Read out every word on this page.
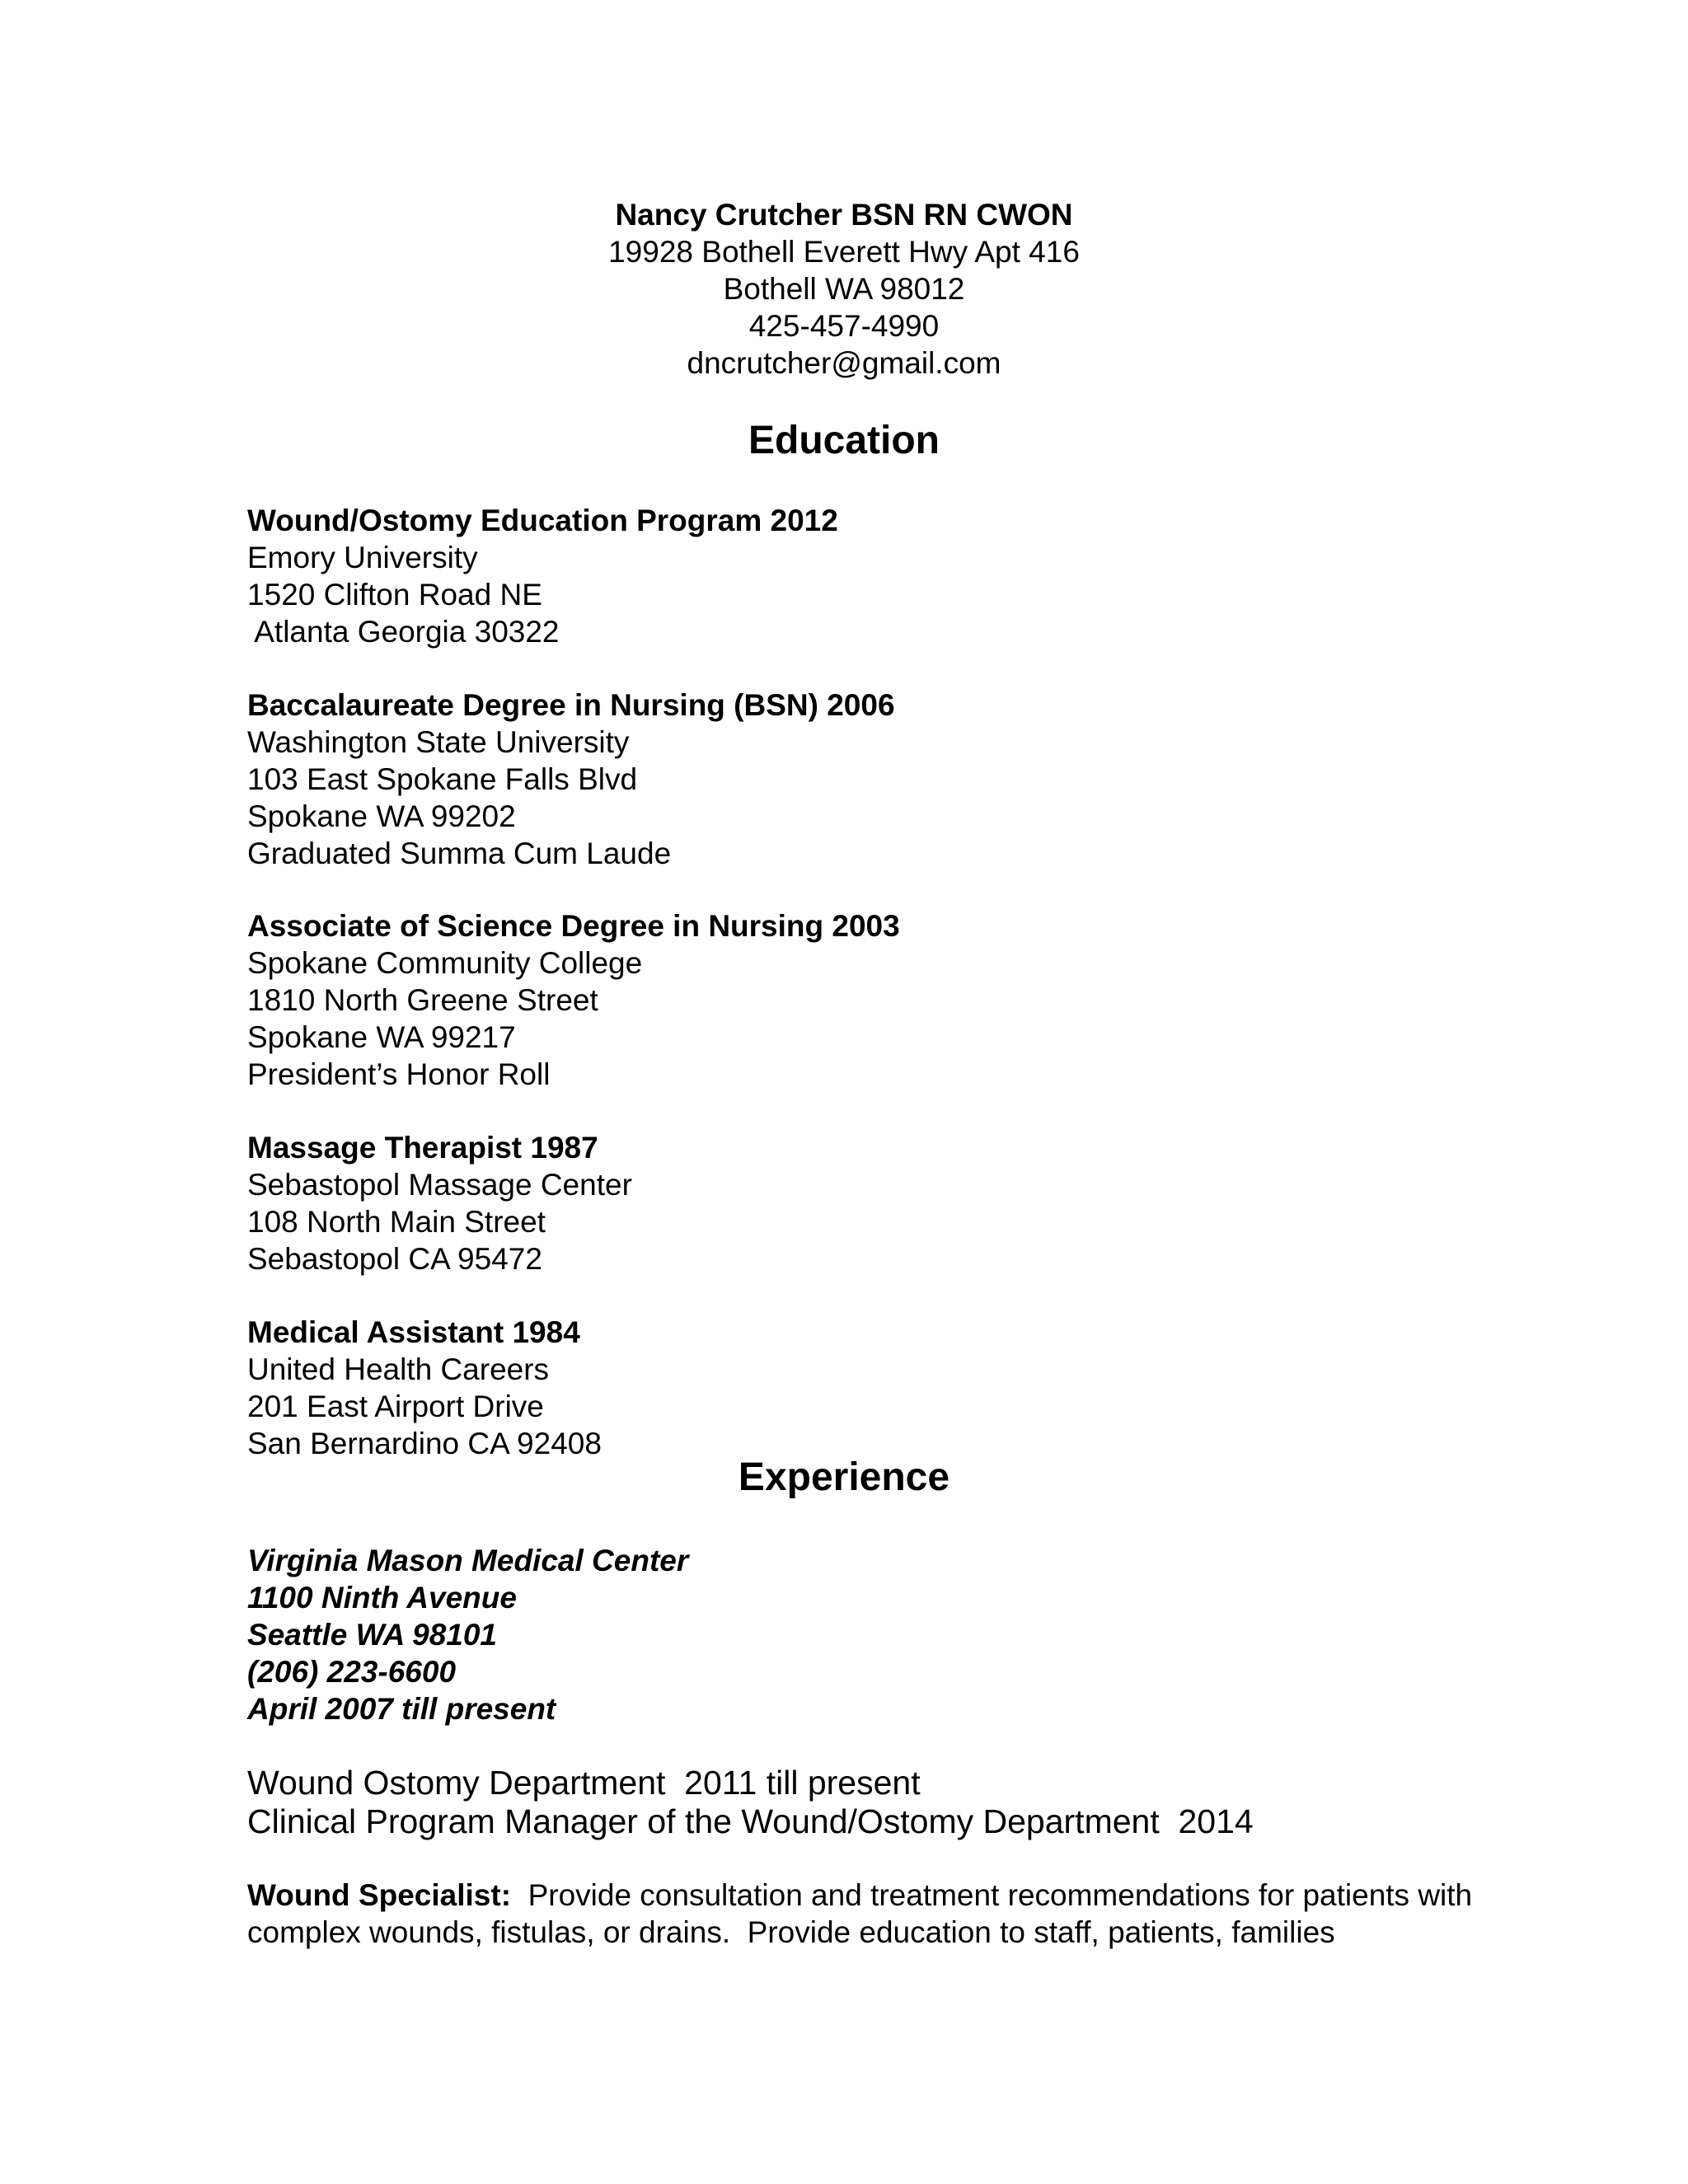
Nancy Crutcher BSN RN CWON
19928 Bothell Everett Hwy Apt 416
Bothell WA 98012
425-457-4990
dncrutcher@gmail.com
Education
Wound/Ostomy Education Program 2012
Emory University
1520 Clifton Road NE
Atlanta Georgia 30322
Baccalaureate Degree in Nursing (BSN) 2006
Washington State University
103 East Spokane Falls Blvd
Spokane WA 99202
Graduated Summa Cum Laude
Associate of Science Degree in Nursing 2003
Spokane Community College
1810 North Greene Street
Spokane WA 99217
President’s Honor Roll
Massage Therapist 1987
Sebastopol Massage Center
108 North Main Street
Sebastopol CA 95472
Medical Assistant 1984
United Health Careers
201 East Airport Drive
San Bernardino CA 92408
Experience
Virginia Mason Medical Center
1100 Ninth Avenue
Seattle WA 98101
(206) 223-6600
April 2007 till present
Wound Ostomy Department  2011 till present
Clinical Program Manager of the Wound/Ostomy Department  2014
Wound Specialist:  Provide consultation and treatment recommendations for patients with complex wounds, fistulas, or drains.  Provide education to staff, patients, families
